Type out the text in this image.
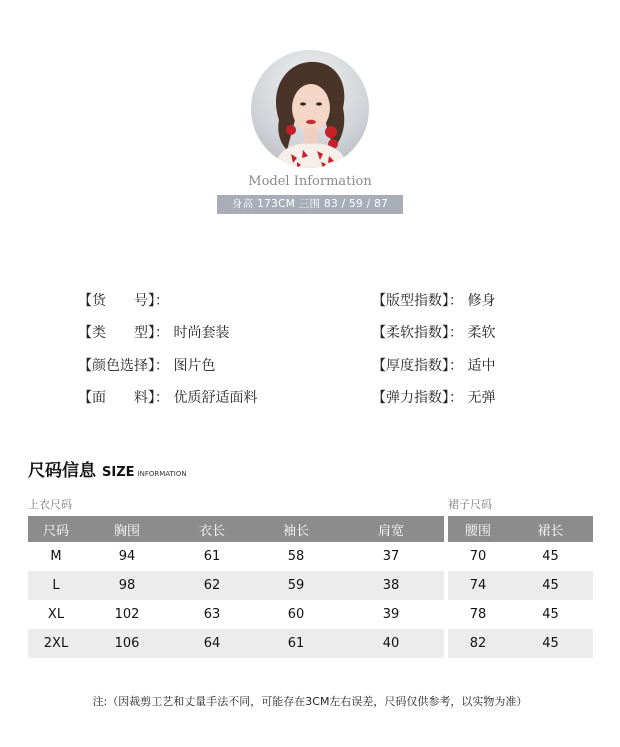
Model Information
身高 173CM 三围 83 / 59 / 87
【货　　号】：
【类　　型】： 时尚套装
【颜色选择】： 图片色
【面　　料】： 优质舒适面料
【版型指数】： 修身
【柔软指数】： 柔软
【厚度指数】： 适中
【弹力指数】： 无弹
尺码信息 SIZE INFORMATION
上衣尺码	裙子尺码
尺码	胸围	衣长	袖长	肩宽
M	94	61	58	37
L	98	62	59	38
XL	102	63	60	39
2XL	106	64	61	40
腰围	裙长
70	45
74	45
78	45
82	45
注:（因裁剪工艺和丈量手法不同，可能存在3CM左右误差，尺码仅供参考，以实物为准）
